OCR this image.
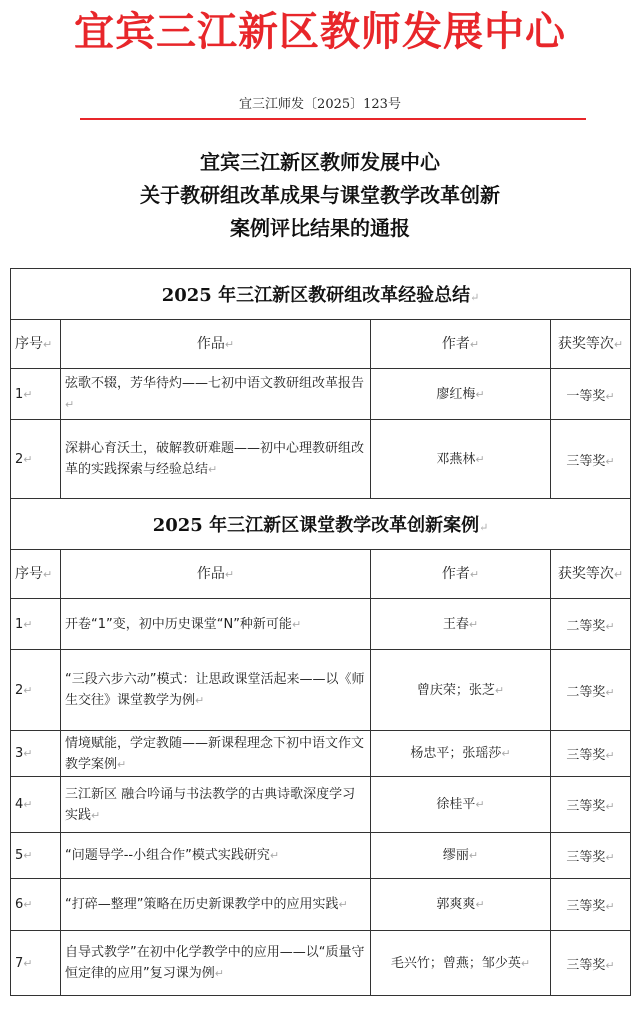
宜宾三江新区教师发展中心
宜三江师发〔2025〕123号
宜宾三江新区教师发展中心
关于教研组改革成果与课堂教学改革创新
案例评比结果的通报
2025 年三江新区教研组改革经验总结↵			
序号↵	作品↵	作者↵	获奖等次↵
1↵	弦歌不辍，芳华待灼——七初中语文教研组改革报告↵	廖红梅↵	一等奖↵
2↵	深耕心育沃土，破解教研难题——初中心理教研组改革的实践探索与经验总结↵	邓燕林↵	三等奖↵
2025 年三江新区课堂教学改革创新案例↵			
序号↵	作品↵	作者↵	获奖等次↵
1↵	开卷“1”变，初中历史课堂“N”种新可能↵	王春↵	二等奖↵
2↵	“三段六步六动”模式：让思政课堂活起来——以《师生交往》课堂教学为例↵	曾庆荣；张芝↵	二等奖↵
3↵	情境赋能，学定教随——新课程理念下初中语文作文教学案例↵	杨忠平；张瑶莎↵	三等奖↵
4↵	三江新区 融合吟诵与书法教学的古典诗歌深度学习实践↵	徐桂平↵	三等奖↵
5↵	“问题导学--小组合作”模式实践研究↵	缪丽↵	三等奖↵
6↵	“打碎—整理”策略在历史新课教学中的应用实践↵	郭爽爽↵	三等奖↵
7↵	自导式教学”在初中化学教学中的应用——以“质量守恒定律的应用”复习课为例↵	毛兴竹；曾燕；邹少英↵	三等奖↵
